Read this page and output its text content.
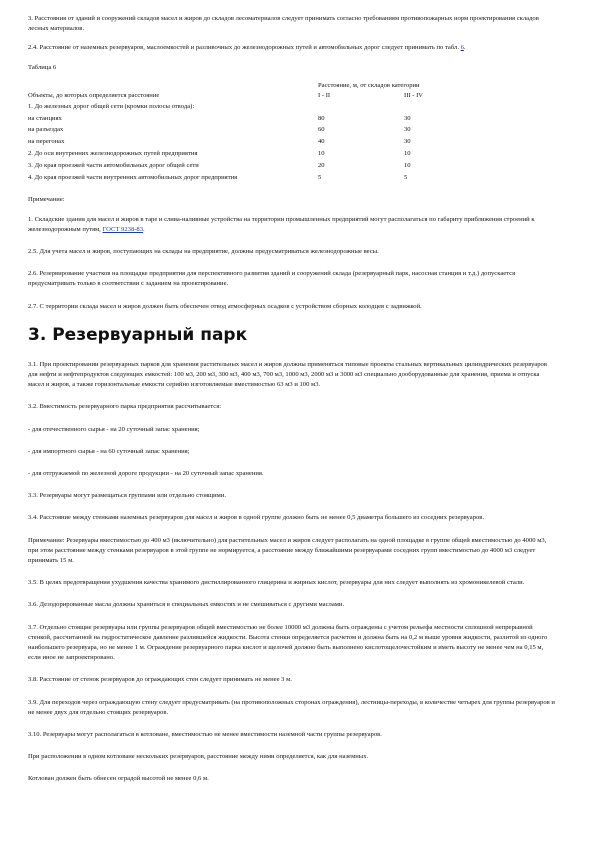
3. Расстояния от зданий и сооружений складов масел и жиров до складов лесоматериалов следует принимать согласно требованиям противопожарных норм проектирования складов лесных материалов.

2.4. Расстояние от наземных резервуаров, маслоемкостей и разливочных до железнодорожных путей и автомобильных дорог следует принимать по табл. 6.

Таблица 6

Объекты, до которых определяется расстояние	Расстояние, м, от складов категории	
	I - II	III - IV
1. До железных дорог общей сети (кромки полосы отвода):		
на станциях	80	30
на разъездах	60	30
на перегонах	40	30
2. До оси внутренних железнодорожных путей предприятия	10	10
3. До края проезжей части автомобильных дорог общей сети	20	10
4. До края проезжей части внутренних автомобильных дорог предприятия	5	5

Примечание:

1. Складские здания для масел и жиров в таре и слива-наливные устройства на территории промышленных предприятий могут располагаться по габариту приближения строений к железнодорожным путям, ГОСТ 9238-83.

2.5. Для учета масел и жиров, поступающих на склады на предприятие, должны предусматриваться железнодорожные весы.

2.6. Резервирование участков на площадке предприятия для перспективного развития зданий и сооружений склада (резервуарный парк, насосная станция и т.д.) допускается предусматривать только в соответствии с заданием на проектирование.

2.7. С территории склада масел и жиров должен быть обеспечен отвод атмосферных осадков с устройством сборных колодцев с задвижкой.

3. Резервуарный парк

3.1. При проектировании резервуарных парков для хранения растительных масел и жиров должны применяться типовые проекты стальных вертикальных цилиндрических резервуаров для нефти и нефтепродуктов следующих емкостей: 100 м3, 200 м3, 300 м3, 400 м3, 700 м3, 1000 м3, 2000 м3 и 3000 м3 специально дооборудованные для хранения, приема и отпуска масел и жиров, а также горизонтальные емкости серийно изготовляемые вместимостью 63 м3 и 100 м3.

3.2. Вместимость резервуарного парка предприятия рассчитывается:

- для отечественного сырья - на 20 суточный запас хранения;

- для импортного сырья - на 60 суточный запас хранения;

- для отгружаемой по железной дороге продукции - на 20 суточный запас хранения.

3.3. Резервуары могут размещаться группами или отдельно стоящими.

3.4. Расстояние между стенками наземных резервуаров для масел и жиров в одной группе должно быть не менее 0,5 диаметра большего из соседних резервуаров.

Примечание: Резервуары вместимостью до 400 м3 (включительно) для растительных масел и жиров следует располагать на одной площадке в группе общей вместимостью до 4000 м3, при этом расстояние между стенками резервуаров в этой группе не нормируется, а расстояние между ближайшими резервуарами соседних групп вместимостью до 4000 м3 следует принимать 15 м.

3.5. В целях предотвращения ухудшения качества хранимого дистиллированного глицерина и жирных кислот, резервуары для них следует выполнять из хромоникелевой стали.

3.6. Дезодорированные масла должны храниться в специальных емкостях и не смешиваться с другими маслами.

3.7. Отдельно стоящие резервуары или группы резервуаров общей вместимостью не более 10000 м3 должны быть ограждены с учетом рельефа местности сплошной непрерывной стенкой, рассчитанной на гидростатическое давление разлившейся жидкости. Высота стенки определяется расчетом и должна быть на 0,2 м выше уровня жидкости, разлитой из одного наибольшего резервуара, но не менее 1 м. Ограждение резервуарного парка кислот и щелочей должно быть выполнено кислотощелочестойким и иметь высоту не менее чем на 0,15 м, если иное не запроектировано.

3.8. Расстояние от стенок резервуаров до ограждающих стен следует принимать не менее 3 м.

3.9. Для переходов через ограждающую стену следует предусматривать (на противоположных сторонах ограждения), лестницы-переходы, в количестве четырех для группы резервуаров и не менее двух для отдельно стоящих резервуаров.

3.10. Резервуары могут располагаться в котловане, вместимостью не менее вместимости наземной части группы резервуаров.

При расположении в одном котловане нескольких резервуаров, расстояние между ними определяется, как для наземных.

Котлован должен быть обнесен оградой высотой не менее 0,6 м.
